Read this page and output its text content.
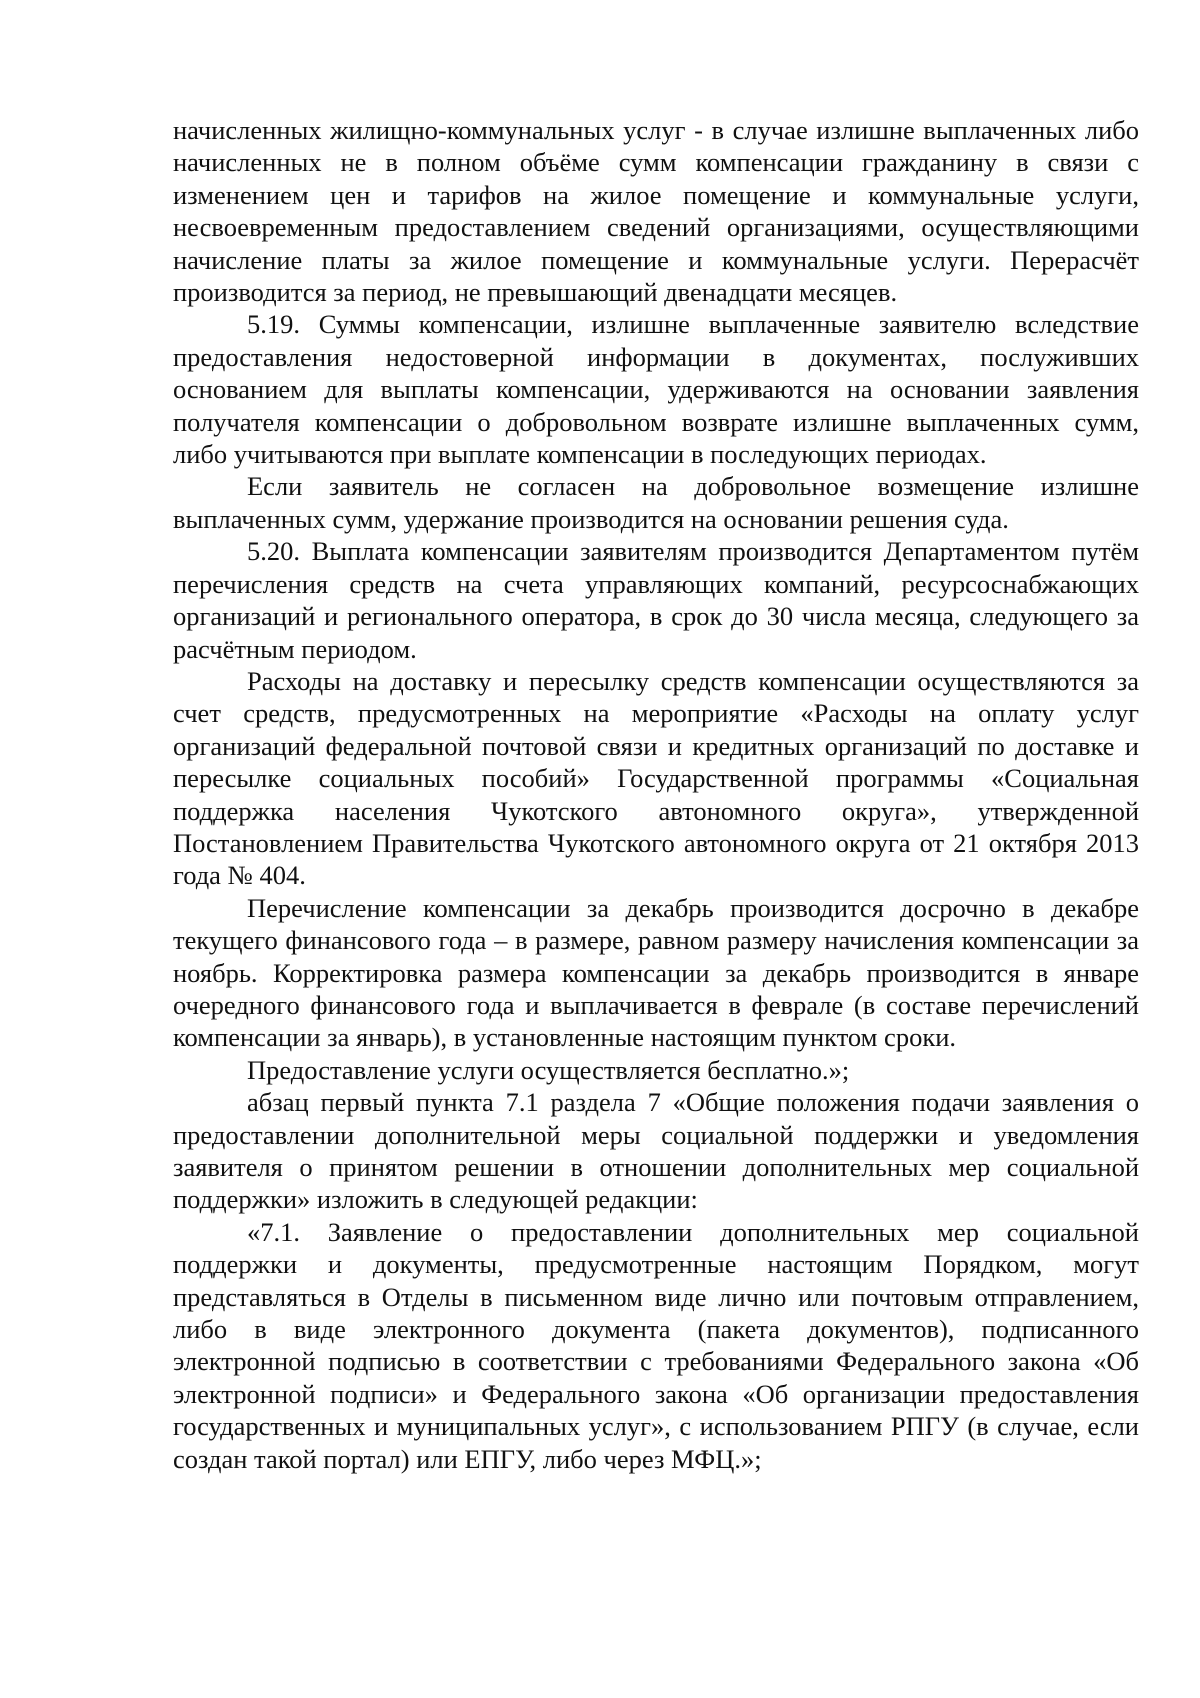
начисленных жилищно-коммунальных услуг - в случае излишне выплаченных либо начисленных не в полном объёме сумм компенсации гражданину в связи с изменением цен и тарифов на жилое помещение и коммунальные услуги, несвоевременным предоставлением сведений организациями, осуществляющими начисление платы за жилое помещение и коммунальные услуги. Перерасчёт производится за период, не превышающий двенадцати месяцев.

5.19. Суммы компенсации, излишне выплаченные заявителю вследствие предоставления недостоверной информации в документах, послуживших основанием для выплаты компенсации, удерживаются на основании заявления получателя компенсации о добровольном возврате излишне выплаченных сумм, либо учитываются при выплате компенсации в последующих периодах.

Если заявитель не согласен на добровольное возмещение излишне выплаченных сумм, удержание производится на основании решения суда.

5.20. Выплата компенсации заявителям производится Департаментом путём перечисления средств на счета управляющих компаний, ресурсоснабжающих организаций и регионального оператора, в срок до 30 числа месяца, следующего за расчётным периодом.

Расходы на доставку и пересылку средств компенсации осуществляются за счет средств, предусмотренных на мероприятие «Расходы на оплату услуг организаций федеральной почтовой связи и кредитных организаций по доставке и пересылке социальных пособий» Государственной программы «Социальная поддержка населения Чукотского автономного округа», утвержденной Постановлением Правительства Чукотского автономного округа от 21 октября 2013 года № 404.

Перечисление компенсации за декабрь производится досрочно в декабре текущего финансового года – в размере, равном размеру начисления компенсации за ноябрь. Корректировка размера компенсации за декабрь производится в январе очередного финансового года и выплачивается в феврале (в составе перечислений компенсации за январь), в установленные настоящим пунктом сроки.

Предоставление услуги осуществляется бесплатно.»;

абзац первый пункта 7.1 раздела 7 «Общие положения подачи заявления о предоставлении дополнительной меры социальной поддержки и уведомления заявителя о принятом решении в отношении дополнительных мер социальной поддержки» изложить в следующей редакции:

«7.1. Заявление о предоставлении дополнительных мер социальной поддержки и документы, предусмотренные настоящим Порядком, могут представляться в Отделы в письменном виде лично или почтовым отправлением, либо в виде электронного документа (пакета документов), подписанного электронной подписью в соответствии с требованиями Федерального закона «Об электронной подписи» и Федерального закона «Об организации предоставления государственных и муниципальных услуг», с использованием РПГУ (в случае, если создан такой портал) или ЕПГУ, либо через МФЦ.»;
